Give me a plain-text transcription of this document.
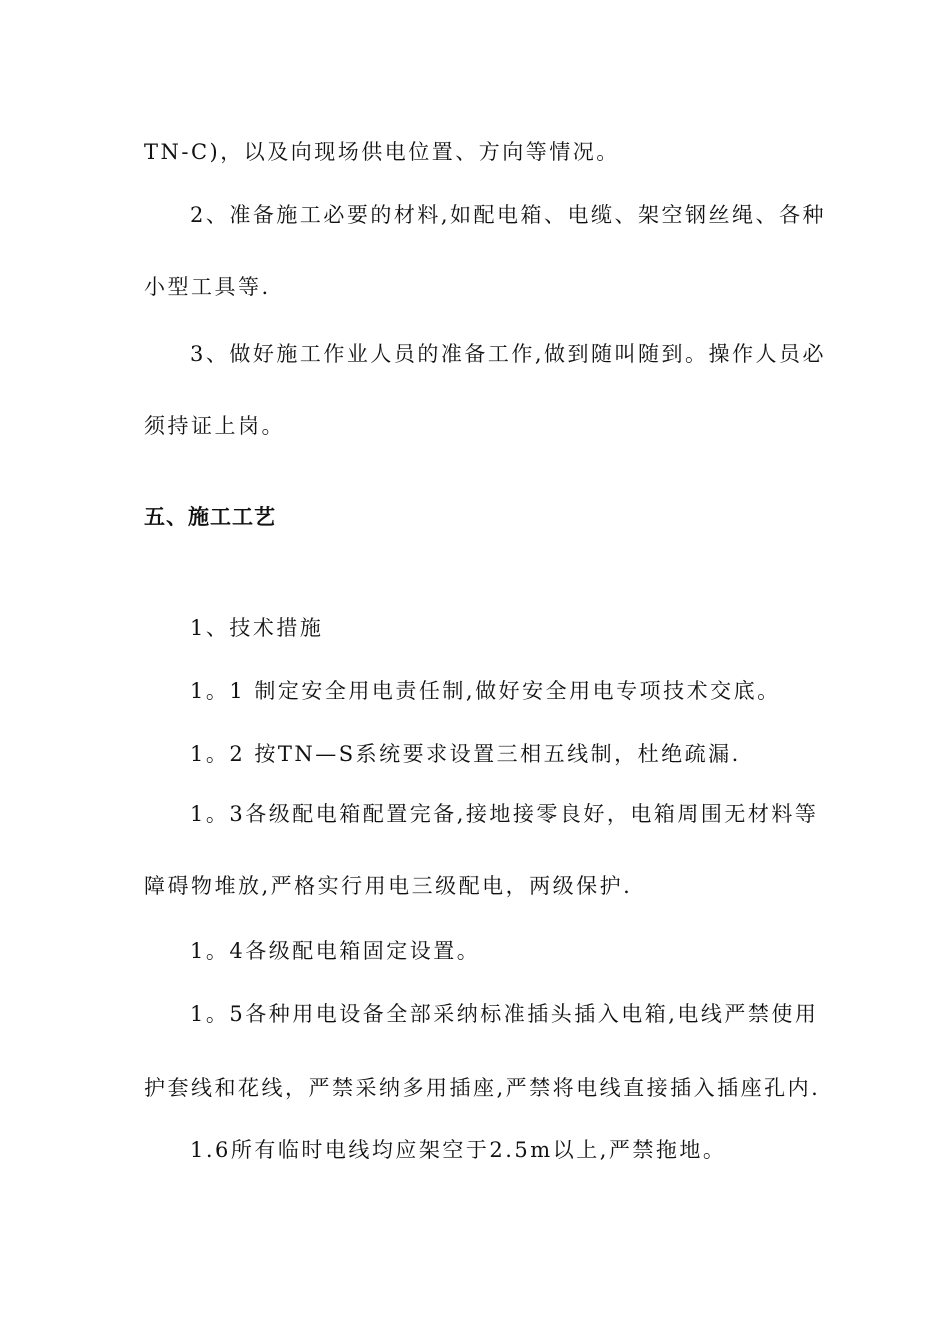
TN-C)，以及向现场供电位置、方向等情况。
2、准备施工必要的材料,如配电箱、电缆、架空钢丝绳、各种
小型工具等.
3、做好施工作业人员的准备工作,做到随叫随到。操作人员必
须持证上岗。
五、施工工艺
1、技术措施
1。1 制定安全用电责任制,做好安全用电专项技术交底。
1。2 按TN—S系统要求设置三相五线制，杜绝疏漏.
1。3各级配电箱配置完备,接地接零良好，电箱周围无材料等
障碍物堆放,严格实行用电三级配电，两级保护.
1。4各级配电箱固定设置。
1。5各种用电设备全部采纳标准插头插入电箱,电线严禁使用
护套线和花线，严禁采纳多用插座,严禁将电线直接插入插座孔内.
1.6所有临时电线均应架空于2.5m以上,严禁拖地。
